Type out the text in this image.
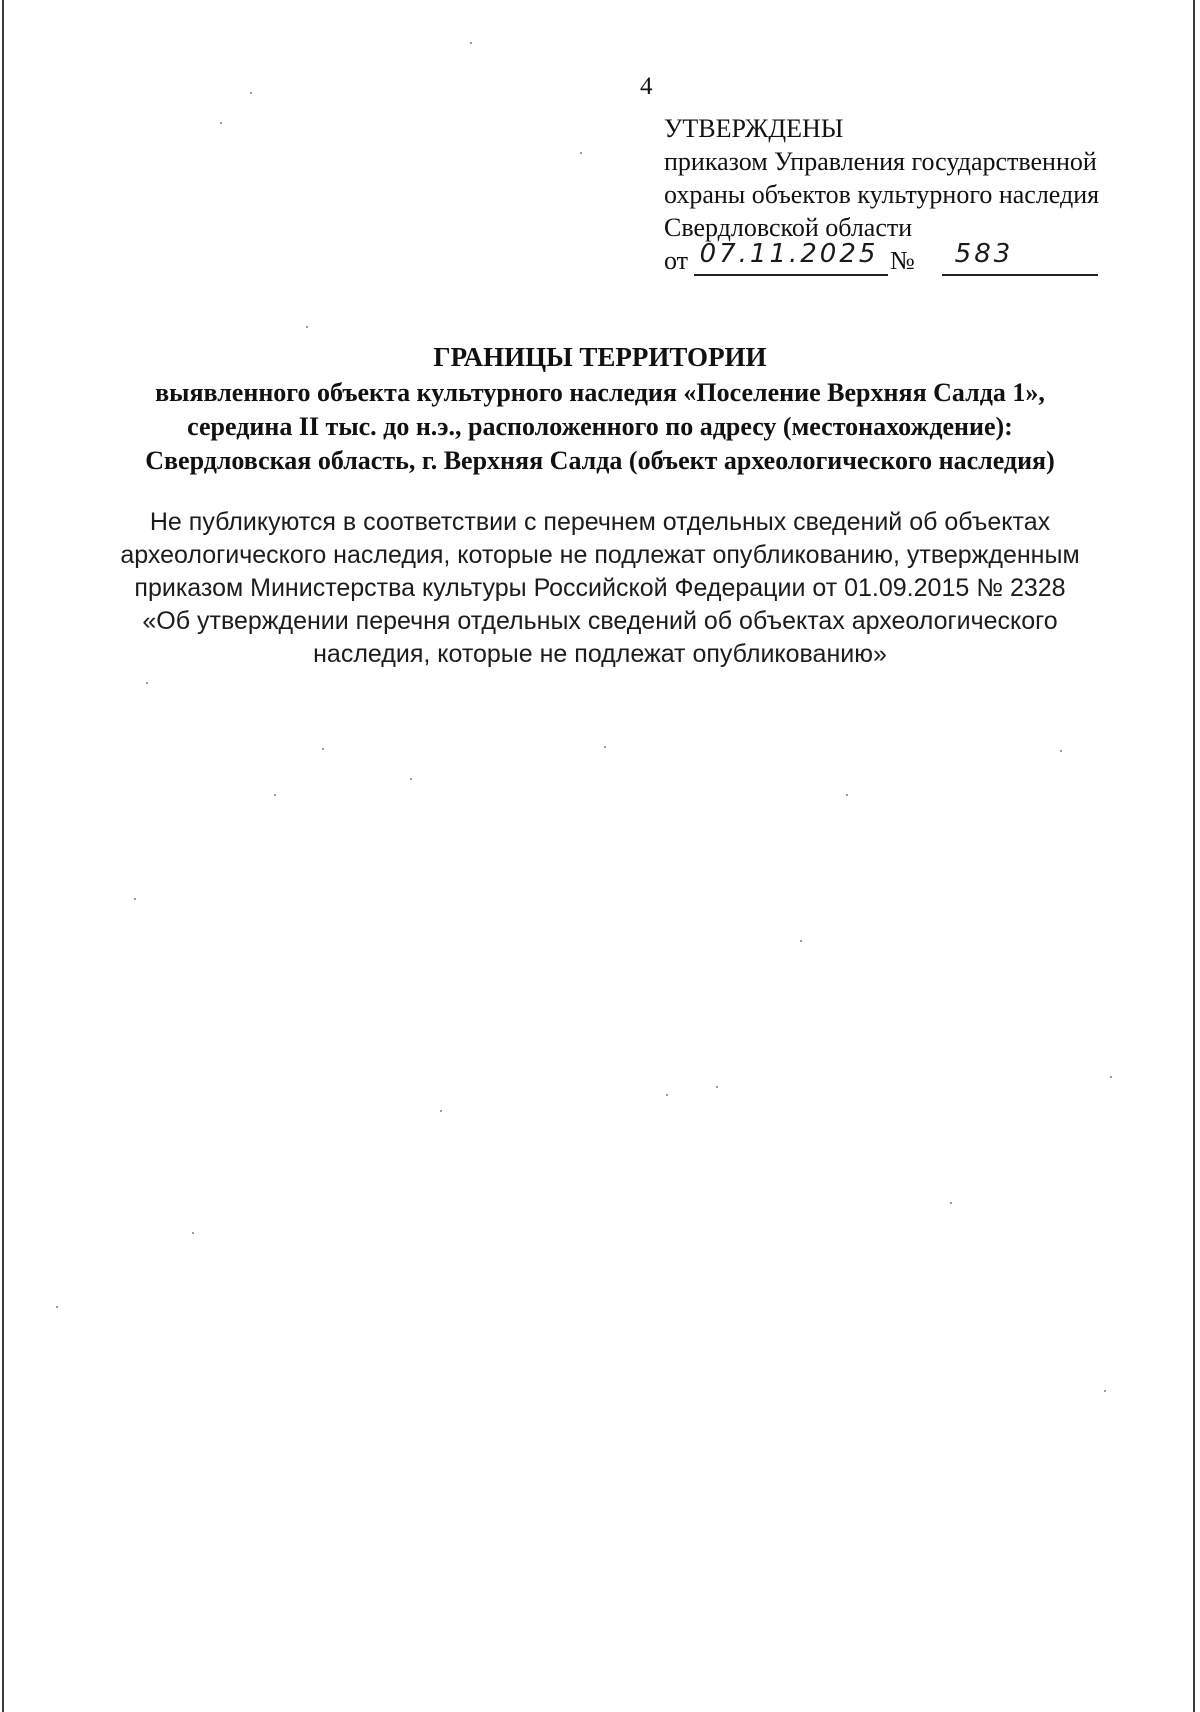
4
УТВЕРЖДЕНЫ
приказом Управления государственной
охраны объектов культурного наследия
Свердловской области
от 07.11.2025 №	583
ГРАНИЦЫ ТЕРРИТОРИИ
выявленного объекта культурного наследия «Поселение Верхняя Салда 1»,
середина II тыс. до н.э., расположенного по адресу (местонахождение):
Свердловская область, г. Верхняя Салда (объект археологического наследия)
Не публикуются в соответствии с перечнем отдельных сведений об объектах
археологического наследия, которые не подлежат опубликованию, утвержденным
приказом Министерства культуры Российской Федерации от 01.09.2015 № 2328
«Об утверждении перечня отдельных сведений об объектах археологического
наследия, которые не подлежат опубликованию»
